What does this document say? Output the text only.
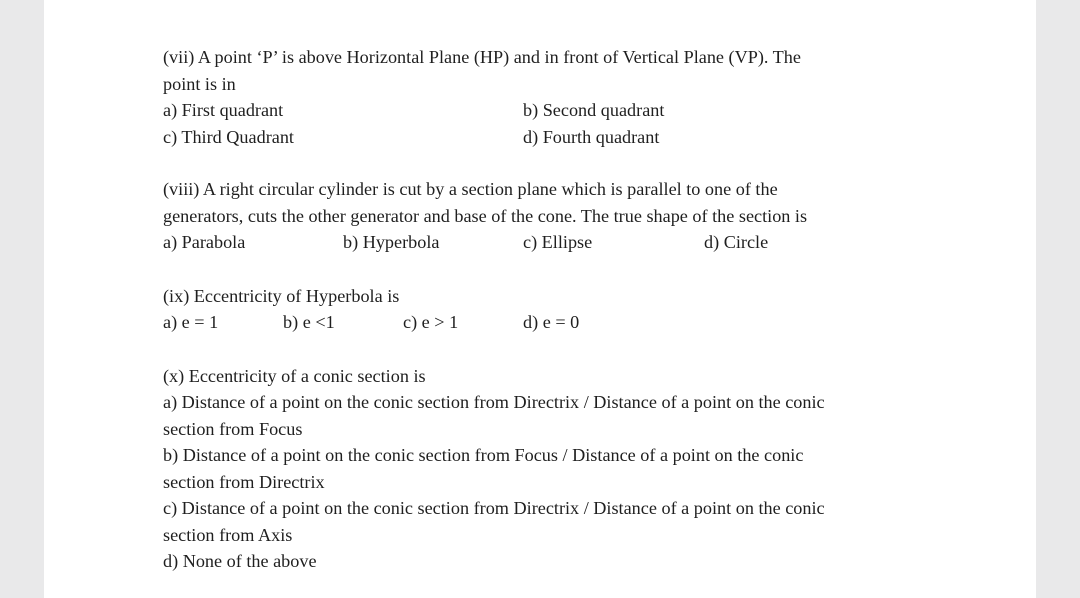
(vii) A point ‘P’ is above Horizontal Plane (HP) and in front of Vertical Plane (VP). The

point is in

a) First quadrant	b) Second quadrant
c) Third Quadrant	d) Fourth quadrant

(viii) A right circular cylinder is cut by a section plane which is parallel to one of the

generators, cuts the other generator and base of the cone. The true shape of the section is

a) Parabola	b) Hyperbola	c) Ellipse	d) Circle

(ix) Eccentricity of Hyperbola is

a) e = 1	b) e <1	c) e > 1	d) e = 0

(x) Eccentricity of a conic section is

a) Distance of a point on the conic section from Directrix / Distance of a point on the conic

section from Focus

b) Distance of a point on the conic section from Focus / Distance of a point on the conic

section from Directrix

c) Distance of a point on the conic section from Directrix / Distance of a point on the conic

section from Axis

d) None of the above
